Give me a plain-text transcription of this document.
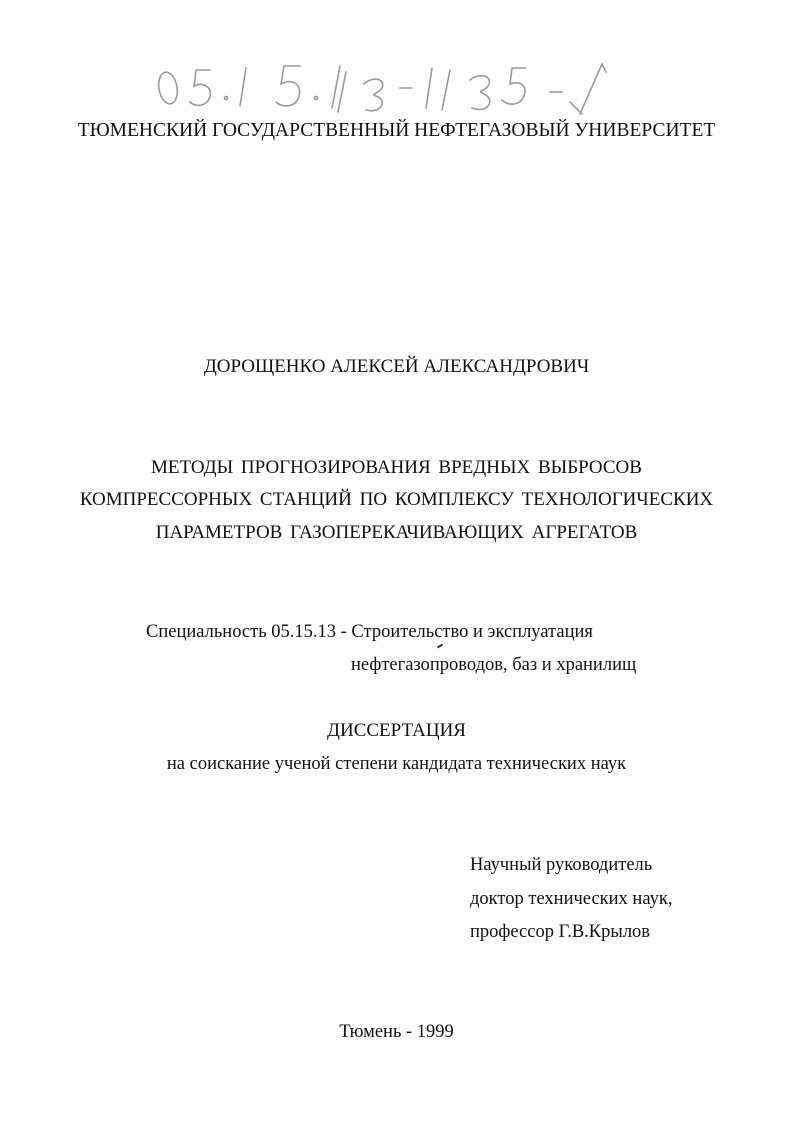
ТЮМЕНСКИЙ ГОСУДАРСТВЕННЫЙ НЕФТЕГАЗОВЫЙ УНИВЕРСИТЕТ
ДОРОЩЕНКО АЛЕКСЕЙ АЛЕКСАНДРОВИЧ
МЕТОДЫ ПРОГНОЗИРОВАНИЯ ВРЕДНЫХ ВЫБРОСОВ
КОМПРЕССОРНЫХ СТАНЦИЙ ПО КОМПЛЕКСУ ТЕХНОЛОГИЧЕСКИХ
ПАРАМЕТРОВ ГАЗОПЕРЕКАЧИВАЮЩИХ АГРЕГАТОВ
Специальность 05.15.13 - Строительство и эксплуатация
нефтегазопроводов, баз и хранилищ
ДИССЕРТАЦИЯ
на соискание ученой степени кандидата технических наук
Научный руководитель
доктор технических наук,
профессор Г.В.Крылов
Тюмень - 1999
